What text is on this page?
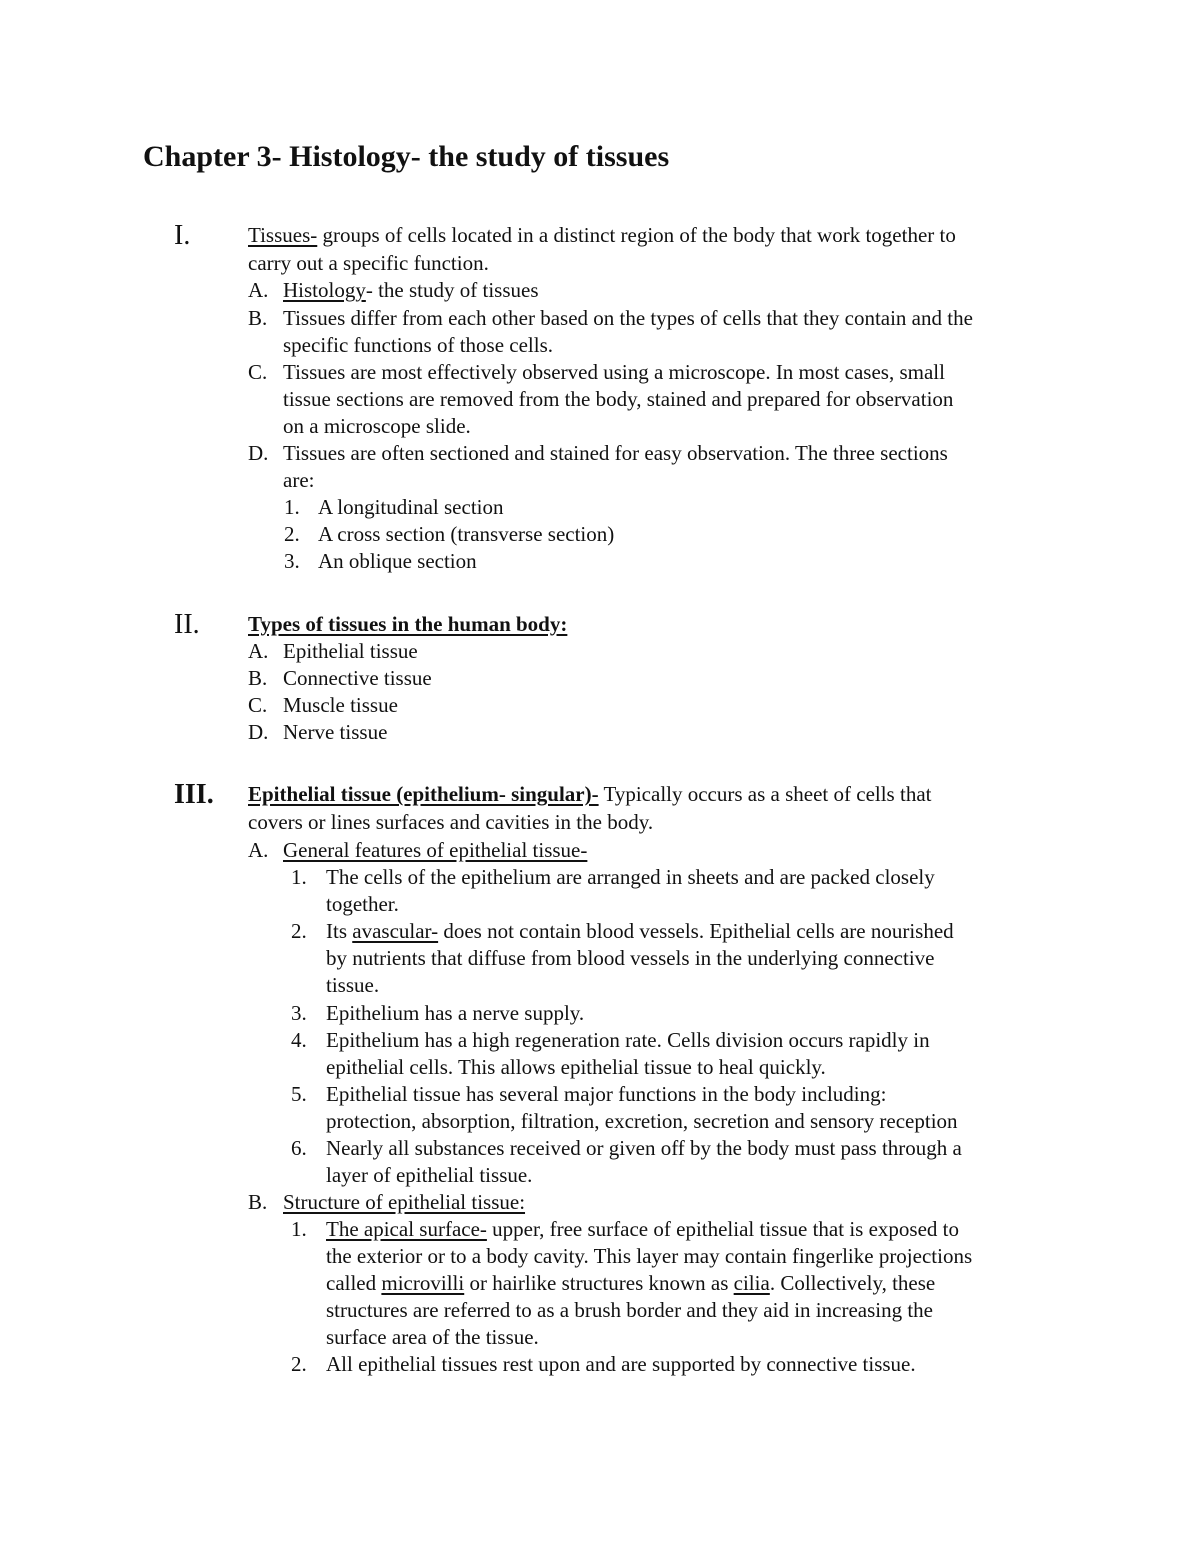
Chapter 3- Histology- the study of tissues
I.	Tissues- groups of cells located in a distinct region of the body that work together to

carry out a specific function.

A. Histology- the study of tissues

B. Tissues differ from each other based on the types of cells that they contain and the

specific functions of those cells.

C. Tissues are most effectively observed using a microscope. In most cases, small

tissue sections are removed from the body, stained and prepared for observation

on a microscope slide.

D. Tissues are often sectioned and stained for easy observation. The three sections

are:

1. A longitudinal section

2. A cross section (transverse section)

3. An oblique section

II. Types of tissues in the human body:

A. Epithelial tissue

B. Connective tissue

C. Muscle tissue

D. Nerve tissue

III. Epithelial tissue (epithelium- singular)- Typically occurs as a sheet of cells that

covers or lines surfaces and cavities in the body.

A. General features of epithelial tissue-

1. The cells of the epithelium are arranged in sheets and are packed closely

together.

2. Its avascular- does not contain blood vessels. Epithelial cells are nourished

by nutrients that diffuse from blood vessels in the underlying connective

tissue.

3. Epithelium has a nerve supply.

4. Epithelium has a high regeneration rate. Cells division occurs rapidly in

epithelial cells. This allows epithelial tissue to heal quickly.

5. Epithelial tissue has several major functions in the body including:

protection, absorption, filtration, excretion, secretion and sensory reception

6. Nearly all substances received or given off by the body must pass through a

layer of epithelial tissue.

B. Structure of epithelial tissue:

1. The apical surface- upper, free surface of epithelial tissue that is exposed to

the exterior or to a body cavity. This layer may contain fingerlike projections

called microvilli or hairlike structures known as cilia. Collectively, these

structures are referred to as a brush border and they aid in increasing the

surface area of the tissue.

2. All epithelial tissues rest upon and are supported by connective tissue.
